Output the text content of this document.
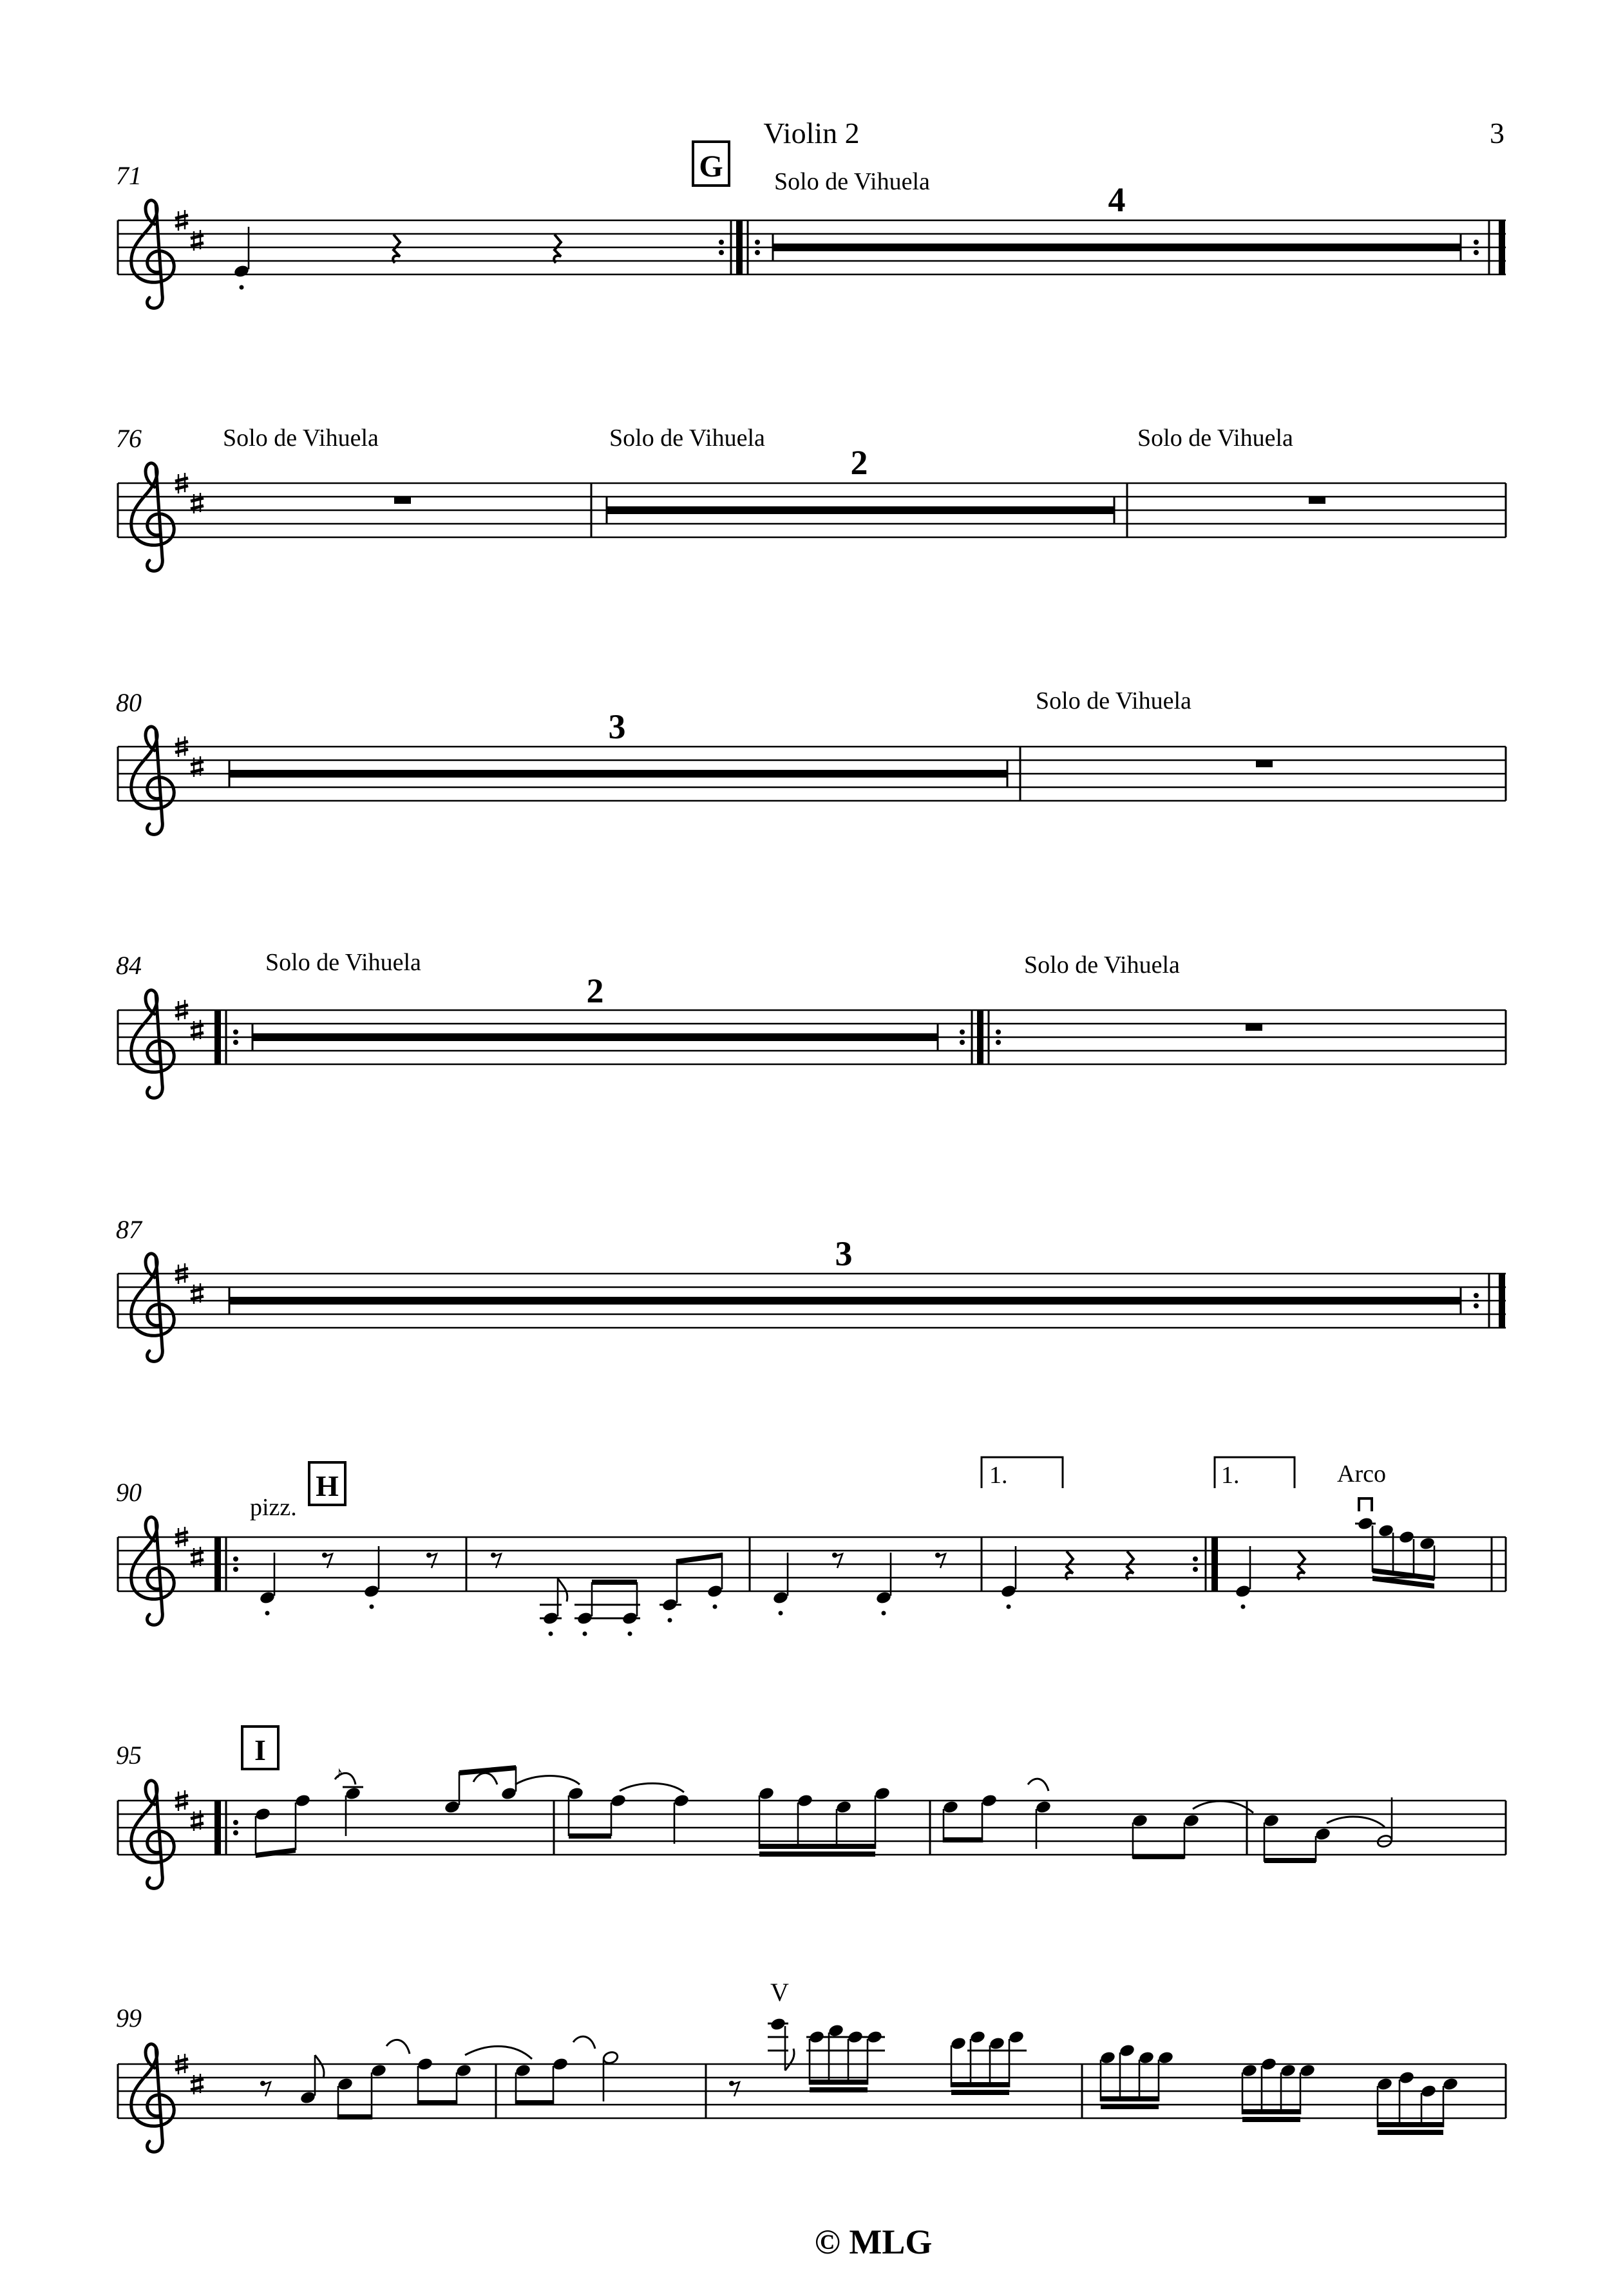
Violin 2	3
71	G Solo de Vihuela	4
76	Solo de Vihuela	Solo de Vihuela	Solo de Vihuela
2
80
3
Solo de Vihuela
84	Solo de Vihuela
2
Solo de Vihuela
87
3
90
pizz.
H	1.	1.	Arco
95	I
♪
99
V
© MLG
